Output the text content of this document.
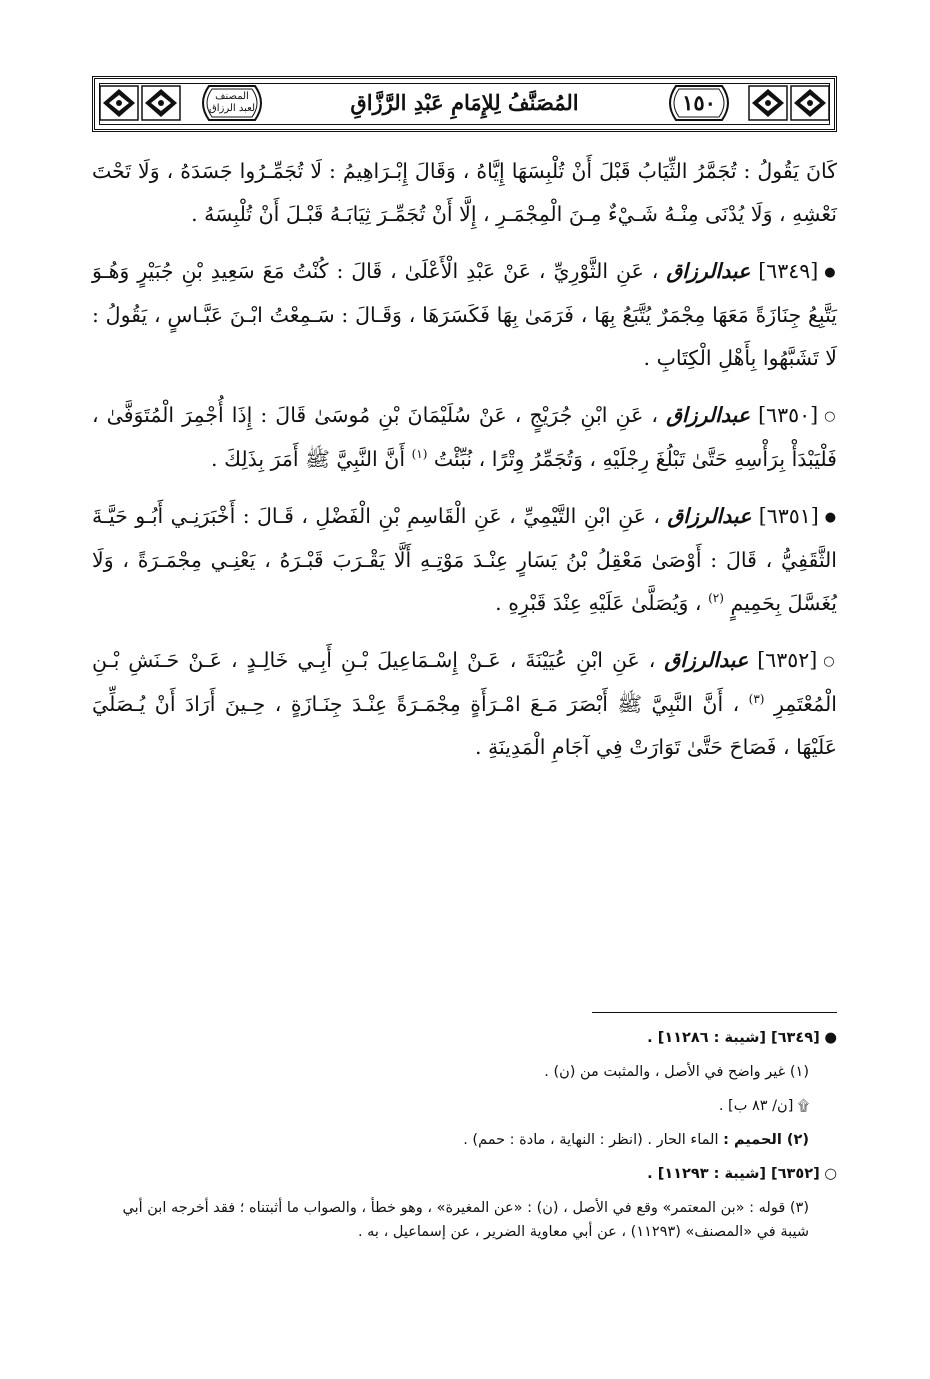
١٥٠
المصنف
لعبد الرزاق	المُصَنَّفُ لِلإِمَامِ عَبْدِ الرَّزَّاقِ

كَانَ يَقُولُ : تُجَمَّرُ الثِّيَابُ قَبْلَ أَنْ تُلْبِسَهَا إِيَّاهُ ، وَقَالَ إِبْـرَاهِيمُ : لَا تُجَمِّـرُوا جَسَدَهُ ، وَلَا تَحْتَ نَعْشِهِ ، وَلَا يُدْنَى مِنْـهُ شَـيْءٌ مِـنَ الْمِجْمَـرِ ، إِلَّا أَنْ تُجَمِّـرَ ثِيَابَـهُ قَبْـلَ أَنْ تُلْبِسَهُ .

●[٦٣٤٩] عبدالرزاق ، عَنِ الثَّوْرِيِّ ، عَنْ عَبْدِ الْأَعْلَىٰ ، قَالَ : كُنْتُ مَعَ سَعِيدِ بْنِ جُبَيْرٍ وَهُـوَ يَتَّبِعُ جِنَازَةً مَعَهَا مِجْمَرٌ يُتَّبَعُ بِهَا ، فَرَمَىٰ بِهَا فَكَسَرَهَا ، وَقَـالَ : سَـمِعْتُ ابْـنَ عَبَّـاسٍ ، يَقُولُ : لَا تَشَبَّهُوا بِأَهْلِ الْكِتَابِ .

○[٦٣٥٠] عبدالرزاق ، عَنِ ابْنِ جُرَيْجٍ ، عَنْ سُلَيْمَانَ بْنِ مُوسَىٰ قَالَ : إِذَا أُجْمِرَ الْمُتَوَفَّىٰ ، فَلْيَبْدَأْ بِرَأْسِهِ حَتَّىٰ تَبْلُغَ رِجْلَيْهِ ، وَتُجَمِّرُ وِتْرًا ، نُبِّئْتُ $^{(١)}$ أَنَّ النَّبِيَّ ﷺ أَمَرَ بِذَلِكَ .

●[٦٣٥١] عبدالرزاق ، عَنِ ابْنِ التَّيْمِيِّ ، عَنِ الْقَاسِمِ بْنِ الْفَضْلِ ، قَـالَ : أَخْبَرَنِـي أَبُـو حَيَّـةَ الثَّقَفِيُّ ، قَالَ : أَوْصَىٰ مَعْقِلُ بْنُ يَسَارٍ عِنْـدَ مَوْتِـهِ أَلَّا يَقْـرَبَ قَبْـرَهُ ، يَعْنِـي مِجْمَـرَةً ، وَلَا يُغَسَّلَ بِحَمِيمٍ $^{(٢)}$ ، وَيُصَلَّىٰ عَلَيْهِ عِنْدَ قَبْرِهِ .

○[٦٣٥٢] عبدالرزاق ، عَنِ ابْنِ عُيَيْنَةَ ، عَـنْ إِسْـمَاعِيلَ بْـنِ أَبِـي خَالِـدٍ ، عَـنْ حَـنَشِ بْـنِ الْمُعْتَمِرِ $^{(٣)}$ ، أَنَّ النَّبِيَّ ﷺ أَبْصَرَ مَـعَ امْـرَأَةٍ مِجْمَـرَةً عِنْـدَ جِنَـازَةٍ ، حِـينَ أَرَادَ أَنْ يُـصَلِّيَ عَلَيْهَا ، فَصَاحَ حَتَّىٰ تَوَارَتْ فِي آجَامِ الْمَدِينَةِ .

● [٦٣٤٩] [شيبة : ١١٢٨٦] .
(١) غير واضح في الأصل ، والمثبت من (ن) .
۩ [ن/ ٨٣ ب] .
(٢) الحميم : الماء الحار . (انظر : النهاية ، مادة : حمم) .
○ [٦٣٥٢] [شيبة : ١١٢٩٣] .
(٣) قوله : «بن المعتمر» وقع في الأصل ، (ن) : «عن المغيرة» ، وهو خطأ ، والصواب ما أثبتناه ؛ فقد أخرجه ابن أبي شيبة في «المصنف» (١١٢٩٣) ، عن أبي معاوية الضرير ، عن إسماعيل ، به .
